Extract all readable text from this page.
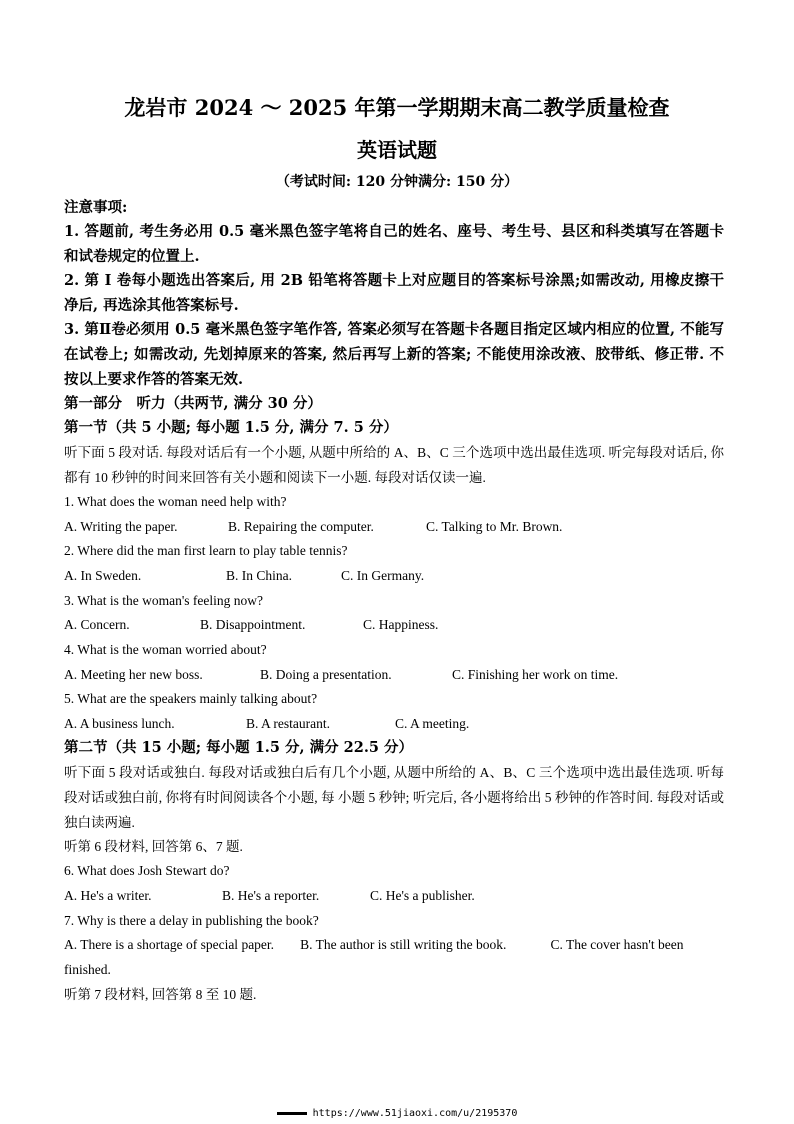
龙岩市 2024 ～ 2025 年第一学期期末高二教学质量检查
英语试题
（考试时间: 120 分钟满分: 150 分）
注意事项:
1. 答题前, 考生务必用 0.5 毫米黑色签字笔将自己的姓名、座号、考生号、县区和科类填写在答题卡和试卷规定的位置上.
2. 第 I 卷每小题选出答案后, 用 2B 铅笔将答题卡上对应题目的答案标号涂黑;如需改动, 用橡皮擦干净后, 再选涂其他答案标号.
3. 第Ⅱ卷必须用 0.5 毫米黑色签字笔作答, 答案必须写在答题卡各题目指定区域内相应的位置, 不能写在试卷上; 如需改动, 先划掉原来的答案, 然后再写上新的答案; 不能使用涂改液、胶带纸、修正带. 不按以上要求作答的答案无效.
第一部分　听力（共两节, 满分 30 分）
第一节（共 5 小题; 每小题 1.5 分, 满分 7. 5 分）
听下面 5 段对话. 每段对话后有一个小题, 从题中所给的 A、B、C 三个选项中选出最佳选项. 听完每段对话后, 你都有 10 秒钟的时间来回答有关小题和阅读下一小题. 每段对话仅读一遍.
1. What does the woman need help with?
A. Writing the paper.	B. Repairing the computer.	C. Talking to Mr. Brown.
2. Where did the man first learn to play table tennis?
A. In Sweden.	B. In China.	C. In Germany.
3. What is the woman's feeling now?
A. Concern.	B. Disappointment.	C. Happiness.
4. What is the woman worried about?
A. Meeting her new boss.	B. Doing a presentation.	C. Finishing her work on time.
5. What are the speakers mainly talking about?
A. A business lunch.	B. A restaurant.	C. A meeting.
第二节（共 15 小题; 每小题 1.5 分, 满分 22.5 分）
听下面 5 段对话或独白. 每段对话或独白后有几个小题, 从题中所给的 A、B、C 三个选项中选出最佳选项. 听每段对话或独白前, 你将有时间阅读各个小题, 每 小题 5 秒钟; 听完后, 各小题将给出 5 秒钟的作答时间. 每段对话或独白读两遍.
听第 6 段材料, 回答第 6、7 题.
6. What does Josh Stewart do?
A. He's a writer.	B. He's a reporter.	C. He's a publisher.
7. Why is there a delay in publishing the book?
A. There is a shortage of special paper. B. The author is still writing the book.	C. The cover hasn't been finished.
听第 7 段材料, 回答第 8 至 10 题.
https://www.51jiaoxi.com/u/2195370
